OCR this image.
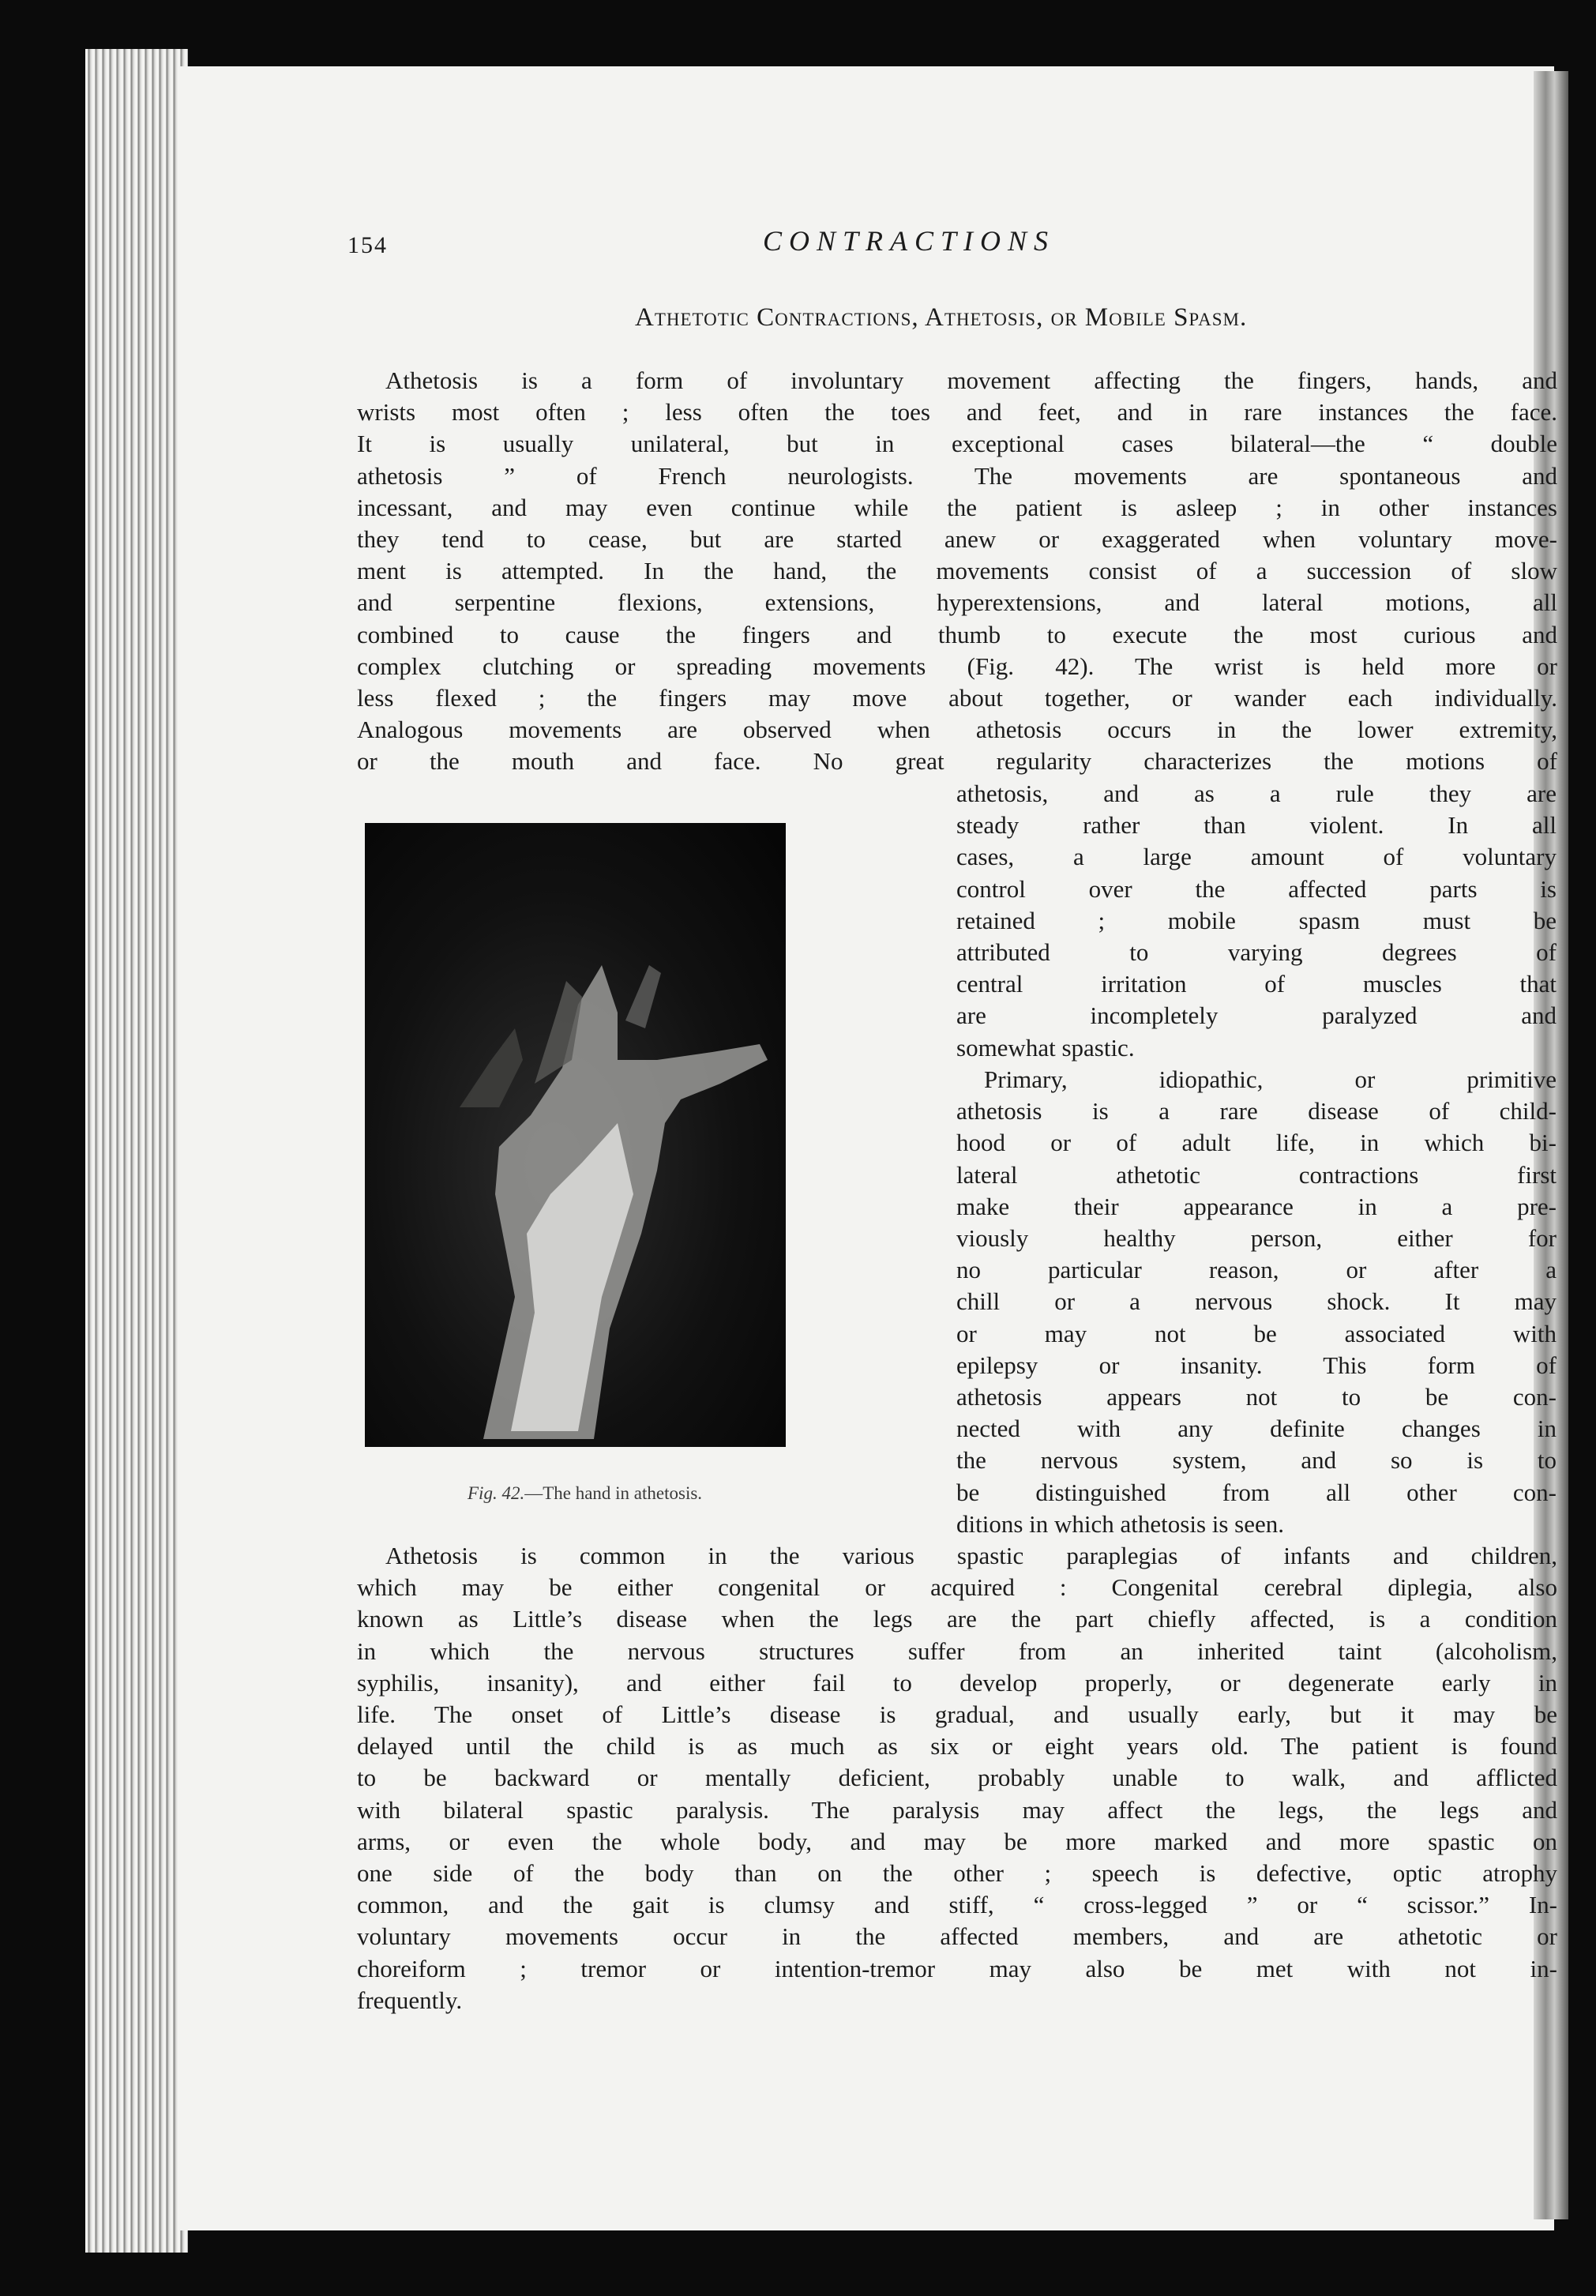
154	CONTRACTIONS
Athetotic Contractions, Athetosis, or Mobile Spasm.
Athetosis is a form of involuntary movement affecting the fingers, hands, and
wrists most often ; less often the toes and feet, and in rare instances the face.
It is usually unilateral, but in exceptional cases bilateral—the “ double
athetosis ” of French neurologists. The movements are spontaneous and
incessant, and may even continue while the patient is asleep ; in other instances
they tend to cease, but are started anew or exaggerated when voluntary move-
ment is attempted. In the hand, the movements consist of a succession of slow
and serpentine flexions, extensions, hyperextensions, and lateral motions, all
combined to cause the fingers and thumb to execute the most curious and
complex clutching or spreading movements (Fig. 42). The wrist is held more or
less flexed ; the fingers may move about together, or wander each individually.
Analogous movements are observed when athetosis occurs in the lower extremity,
or the mouth and face. No great regularity characterizes the motions of
athetosis, and as a rule they are
steady rather than violent. In all
cases, a large amount of voluntary
control over the affected parts is
retained ; mobile spasm must be
attributed to varying degrees of
central irritation of muscles that
are incompletely paralyzed and
somewhat spastic.
Primary, idiopathic, or primitive
athetosis is a rare disease of child-
hood or of adult life, in which bi-
lateral athetotic contractions first
make their appearance in a pre-
viously healthy person, either for
no particular reason, or after a
chill or a nervous shock. It may
or may not be associated with
epilepsy or insanity. This form of
athetosis appears not to be con-
nected with any definite changes in
the nervous system, and so is to
be distinguished from all other con-
ditions in which athetosis is seen.
Athetosis is common in the various spastic paraplegias of infants and children,
which may be either congenital or acquired : Congenital cerebral diplegia, also
known as Little’s disease when the legs are the part chiefly affected, is a condition
in which the nervous structures suffer from an inherited taint (alcoholism,
syphilis, insanity), and either fail to develop properly, or degenerate early in
life. The onset of Little’s disease is gradual, and usually early, but it may be
delayed until the child is as much as six or eight years old. The patient is found
to be backward or mentally deficient, probably unable to walk, and afflicted
with bilateral spastic paralysis. The paralysis may affect the legs, the legs and
arms, or even the whole body, and may be more marked and more spastic on
one side of the body than on the other ; speech is defective, optic atrophy
common, and the gait is clumsy and stiff, “ cross-legged ” or “ scissor.” In-
voluntary movements occur in the affected members, and are athetotic or
choreiform ; tremor or intention-tremor may also be met with not in-
frequently.
Fig. 42.—The hand in athetosis.
